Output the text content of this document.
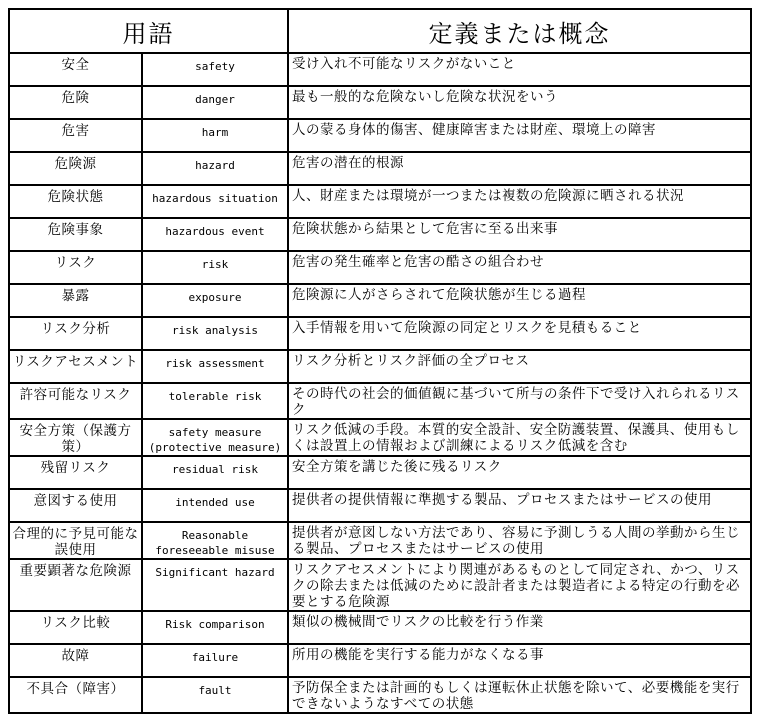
用語		定義または概念
安全	safety	受け入れ不可能なリスクがないこと
危険	danger	最も一般的な危険ないし危険な状況をいう
危害	harm	人の蒙る身体的傷害、健康障害または財産、環境上の障害
危険源	hazard	危害の潜在的根源
危険状態	hazardous situation	人、財産または環境が一つまたは複数の危険源に晒される状況
危険事象	hazardous event	危険状態から結果として危害に至る出来事
リスク	risk	危害の発生確率と危害の酷さの組合わせ
暴露	exposure	危険源に人がさらされて危険状態が生じる過程
リスク分析	risk analysis	入手情報を用いて危険源の同定とリスクを見積もること
リスクアセスメント	risk assessment	リスク分析とリスク評価の全プロセス
許容可能なリスク	tolerable risk	その時代の社会的価値観に基づいて所与の条件下で受け入れられるリスク
安全方策（保護方策）	safety measure (protective measure)	リスク低減の手段。本質的安全設計、安全防護装置、保護具、使用もしくは設置上の情報および訓練によるリスク低減を含む
残留リスク	residual risk	安全方策を講じた後に残るリスク
意図する使用	intended use	提供者の提供情報に準拠する製品、プロセスまたはサービスの使用
合理的に予見可能な誤使用	Reasonable foreseeable misuse	提供者が意図しない方法であり、容易に予測しうる人間の挙動から生じる製品、プロセスまたはサービスの使用
重要顕著な危険源	Significant hazard	リスクアセスメントにより関連があるものとして同定され、かつ、リスクの除去または低減のために設計者または製造者による特定の行動を必要とする危険源
リスク比較	Risk comparison	類似の機械間でリスクの比較を行う作業
故障	failure	所用の機能を実行する能力がなくなる事
不具合（障害）	fault	予防保全または計画的もしくは運転休止状態を除いて、必要機能を実行できないようなすべての状態
